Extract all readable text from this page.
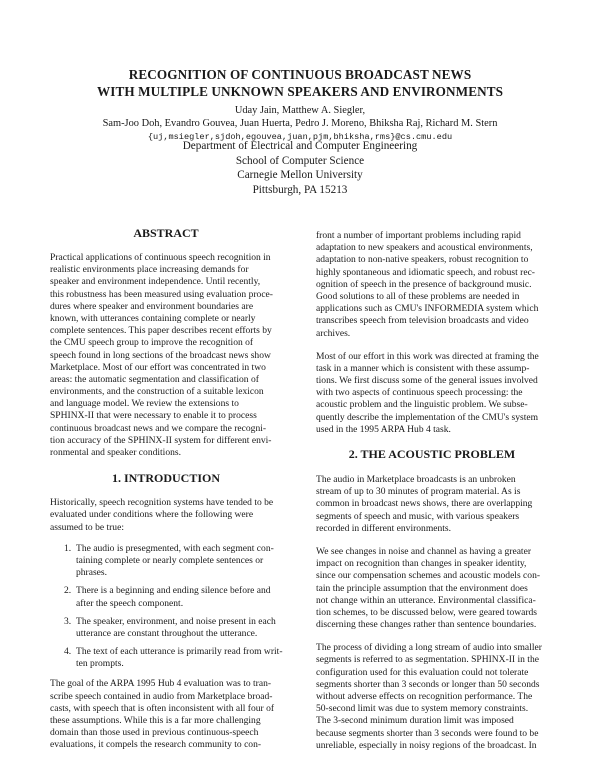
RECOGNITION OF CONTINUOUS BROADCAST NEWS
WITH MULTIPLE UNKNOWN SPEAKERS AND ENVIRONMENTS
Uday Jain, Matthew A. Siegler,
Sam-Joo Doh, Evandro Gouvea, Juan Huerta, Pedro J. Moreno, Bhiksha Raj, Richard M. Stern
{uj,msiegler,sjdoh,egouvea,juan,pjm,bhiksha,rms}@cs.cmu.edu
Department of Electrical and Computer Engineering
School of Computer Science
Carnegie Mellon University
Pittsburgh, PA 15213
ABSTRACT
Practical applications of continuous speech recognition in
realistic environments place increasing demands for
speaker and environment independence. Until recently,
this robustness has been measured using evaluation proce-
dures where speaker and environment boundaries are
known, with utterances containing complete or nearly
complete sentences. This paper describes recent efforts by
the CMU speech group to improve the recognition of
speech found in long sections of the broadcast news show
Marketplace. Most of our effort was concentrated in two
areas: the automatic segmentation and classification of
environments, and the construction of a suitable lexicon
and language model. We review the extensions to
SPHINX-II that were necessary to enable it to process
continuous broadcast news and we compare the recogni-
tion accuracy of the SPHINX-II system for different envi-
ronmental and speaker conditions.
1. INTRODUCTION
Historically, speech recognition systems have tended to be
evaluated under conditions where the following were
assumed to be true:
1. The audio is presegmented, with each segment con-
taining complete or nearly complete sentences or
phrases.
2. There is a beginning and ending silence before and
after the speech component.
3. The speaker, environment, and noise present in each
utterance are constant throughout the utterance.
4. The text of each utterance is primarily read from writ-
ten prompts.
The goal of the ARPA 1995 Hub 4 evaluation was to tran-
scribe speech contained in audio from Marketplace broad-
casts, with speech that is often inconsistent with all four of
these assumptions. While this is a far more challenging
domain than those used in previous continuous-speech
evaluations, it compels the research community to con-
front a number of important problems including rapid
adaptation to new speakers and acoustical environments,
adaptation to non-native speakers, robust recognition to
highly spontaneous and idiomatic speech, and robust rec-
ognition of speech in the presence of background music.
Good solutions to all of these problems are needed in
applications such as CMU's INFORMEDIA system which
transcribes speech from television broadcasts and video
archives.
Most of our effort in this work was directed at framing the
task in a manner which is consistent with these assump-
tions. We first discuss some of the general issues involved
with two aspects of continuous speech processing: the
acoustic problem and the linguistic problem. We subse-
quently describe the implementation of the CMU's system
used in the 1995 ARPA Hub 4 task.
2. THE ACOUSTIC PROBLEM
The audio in Marketplace broadcasts is an unbroken
stream of up to 30 minutes of program material. As is
common in broadcast news shows, there are overlapping
segments of speech and music, with various speakers
recorded in different environments.
We see changes in noise and channel as having a greater
impact on recognition than changes in speaker identity,
since our compensation schemes and acoustic models con-
tain the principle assumption that the environment does
not change within an utterance. Environmental classifica-
tion schemes, to be discussed below, were geared towards
discerning these changes rather than sentence boundaries.
The process of dividing a long stream of audio into smaller
segments is referred to as segmentation. SPHINX-II in the
configuration used for this evaluation could not tolerate
segments shorter than 3 seconds or longer than 50 seconds
without adverse effects on recognition performance. The
50-second limit was due to system memory constraints.
The 3-second minimum duration limit was imposed
because segments shorter than 3 seconds were found to be
unreliable, especially in noisy regions of the broadcast. In
